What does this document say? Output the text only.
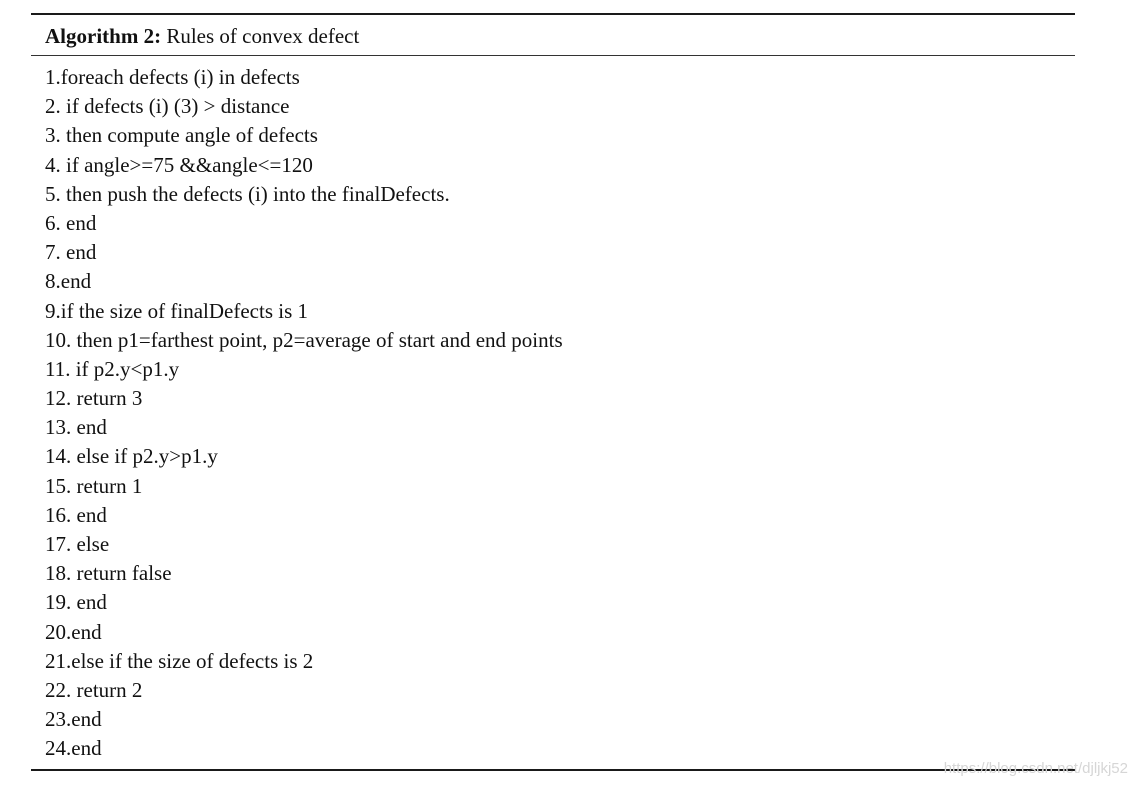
Algorithm 2: Rules of convex defect
1.foreach defects (i) in defects
2. if defects (i) (3) > distance
3. then compute angle of defects
4. if angle>=75 &&angle<=120
5. then push the defects (i) into the finalDefects.
6. end
7. end
8.end
9.if the size of finalDefects is 1
10. then p1=farthest point, p2=average of start and end points
11. if p2.y<p1.y
12. return 3
13. end
14. else if p2.y>p1.y
15. return 1
16. end
17. else
18. return false
19. end
20.end
21.else if the size of defects is 2
22. return 2
23.end
24.end
https://blog.csdn.net/djljkj52
